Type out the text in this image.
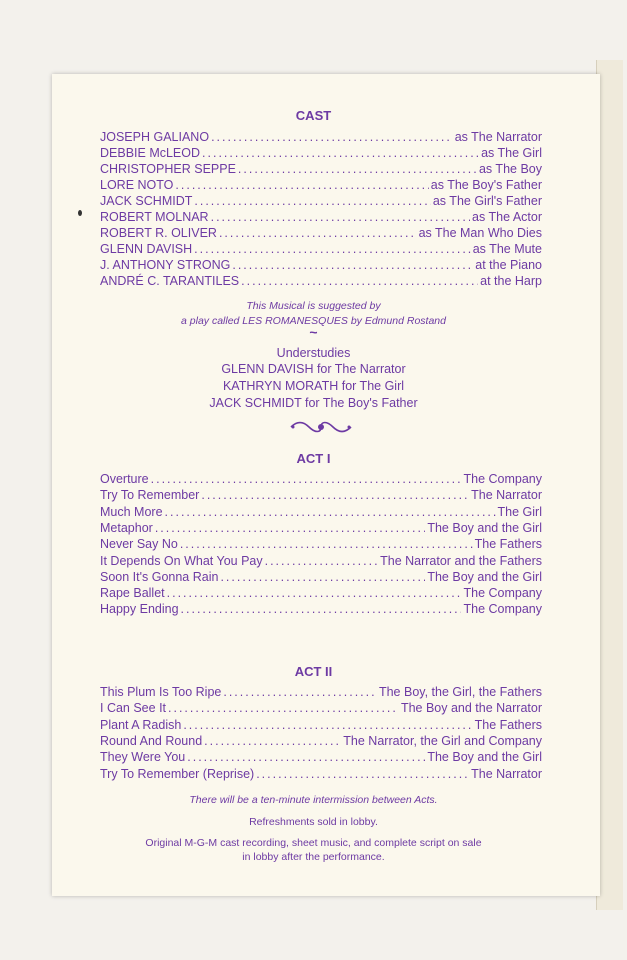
CAST
JOSEPH GALIANO .....	as The Narrator
DEBBIE McLEOD .....	as The Girl
CHRISTOPHER SEPPE .....	as The Boy
LORE NOTO .....	as The Boy's Father
JACK SCHMIDT .....	as The Girl's Father
ROBERT MOLNAR .....	as The Actor
ROBERT R. OLIVER .....	as The Man Who Dies
GLENN DAVISH .....	as The Mute
J. ANTHONY STRONG .....	at the Piano
ANDRÉ C. TARANTILES .....	at the Harp
This Musical is suggested by
a play called LES ROMANESQUES by Edmund Rostand
~
Understudies
GLENN DAVISH for The Narrator
KATHRYN MORATH for The Girl
JACK SCHMIDT for The Boy's Father
ACT I
Overture .....	The Company
Try To Remember .....	The Narrator
Much More .....	The Girl
Metaphor .....	The Boy and the Girl
Never Say No .....	The Fathers
It Depends On What You Pay .....	The Narrator and the Fathers
Soon It's Gonna Rain .....	The Boy and the Girl
Rape Ballet .....	The Company
Happy Ending .....	The Company
ACT II
This Plum Is Too Ripe .....	The Boy, the Girl, the Fathers
I Can See It .....	The Boy and the Narrator
Plant A Radish .....	The Fathers
Round And Round .....	The Narrator, the Girl and Company
They Were You .....	The Boy and the Girl
Try To Remember (Reprise) .....	The Narrator
There will be a ten-minute intermission between Acts.
Refreshments sold in lobby.
Original M-G-M cast recording, sheet music, and complete script on sale
in lobby after the performance.
